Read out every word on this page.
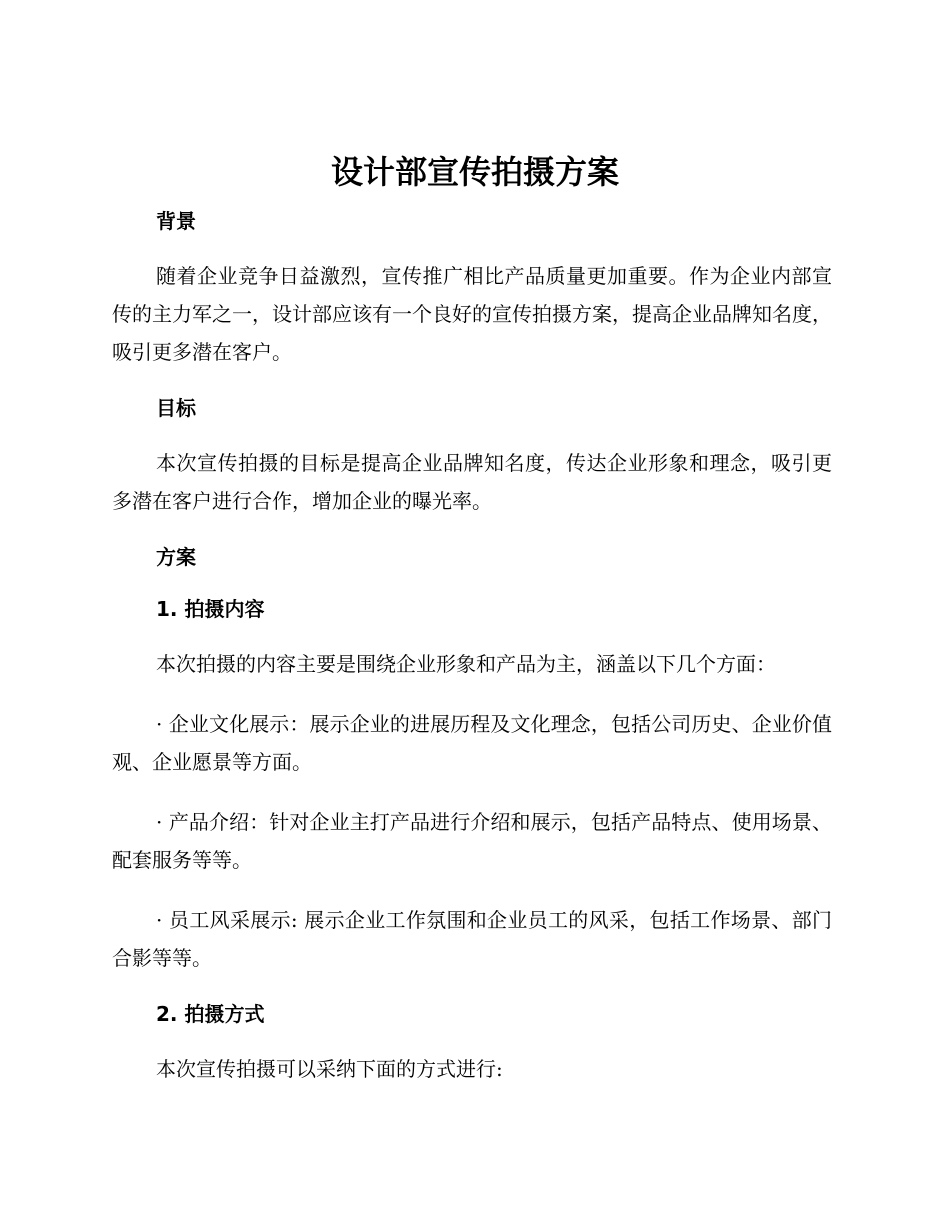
设计部宣传拍摄方案
背景

随着企业竞争日益激烈，宣传推广相比产品质量更加重要。作为企业内部宣传的主力军之一，设计部应该有一个良好的宣传拍摄方案，提高企业品牌知名度，吸引更多潜在客户。

目标

本次宣传拍摄的目标是提高企业品牌知名度，传达企业形象和理念，吸引更多潜在客户进行合作，增加企业的曝光率。

方案
1. 拍摄内容

本次拍摄的内容主要是围绕企业形象和产品为主，涵盖以下几个方面：

· 企业文化展示：展示企业的进展历程及文化理念，包括公司历史、企业价值观、企业愿景等方面。

· 产品介绍：针对企业主打产品进行介绍和展示，包括产品特点、使用场景、配套服务等等。

· 员工风采展示: 展示企业工作氛围和企业员工的风采，包括工作场景、部门合影等等。

2. 拍摄方式

本次宣传拍摄可以采纳下面的方式进行:
